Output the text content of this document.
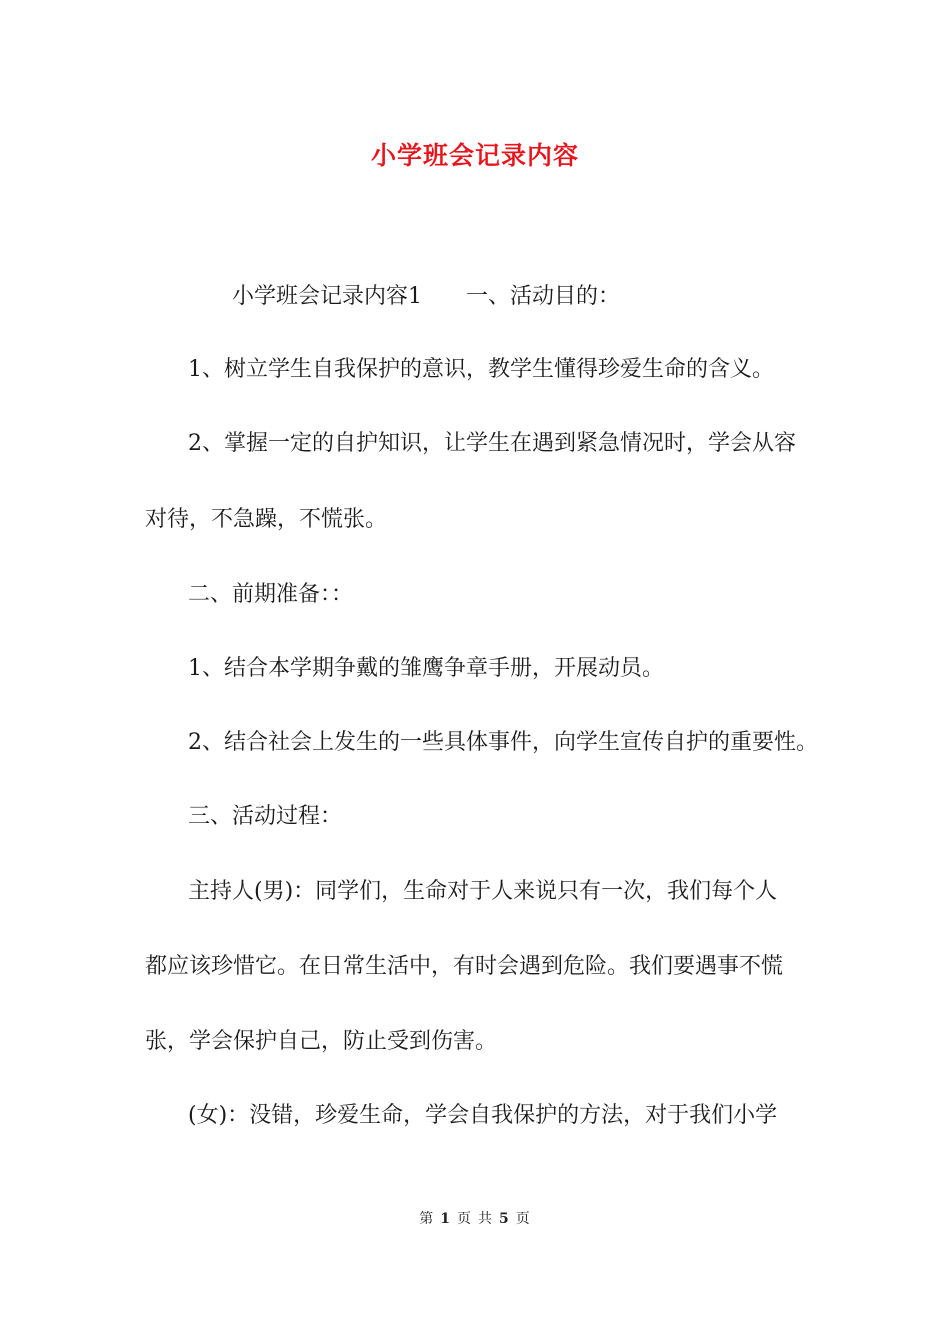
小学班会记录内容
小学班会记录内容1　　一、活动目的：
1、树立学生自我保护的意识，教学生懂得珍爱生命的含义。
2、掌握一定的自护知识，让学生在遇到紧急情况时，学会从容
对待，不急躁，不慌张。
二、前期准备：：
1、结合本学期争戴的雏鹰争章手册，开展动员。
2、结合社会上发生的一些具体事件，向学生宣传自护的重要性。
三、活动过程：
主持人(男)：同学们，生命对于人来说只有一次，我们每个人
都应该珍惜它。在日常生活中，有时会遇到危险。我们要遇事不慌
张，学会保护自己，防止受到伤害。
(女)：没错，珍爱生命，学会自我保护的方法，对于我们小学
第 1 页 共 5 页
